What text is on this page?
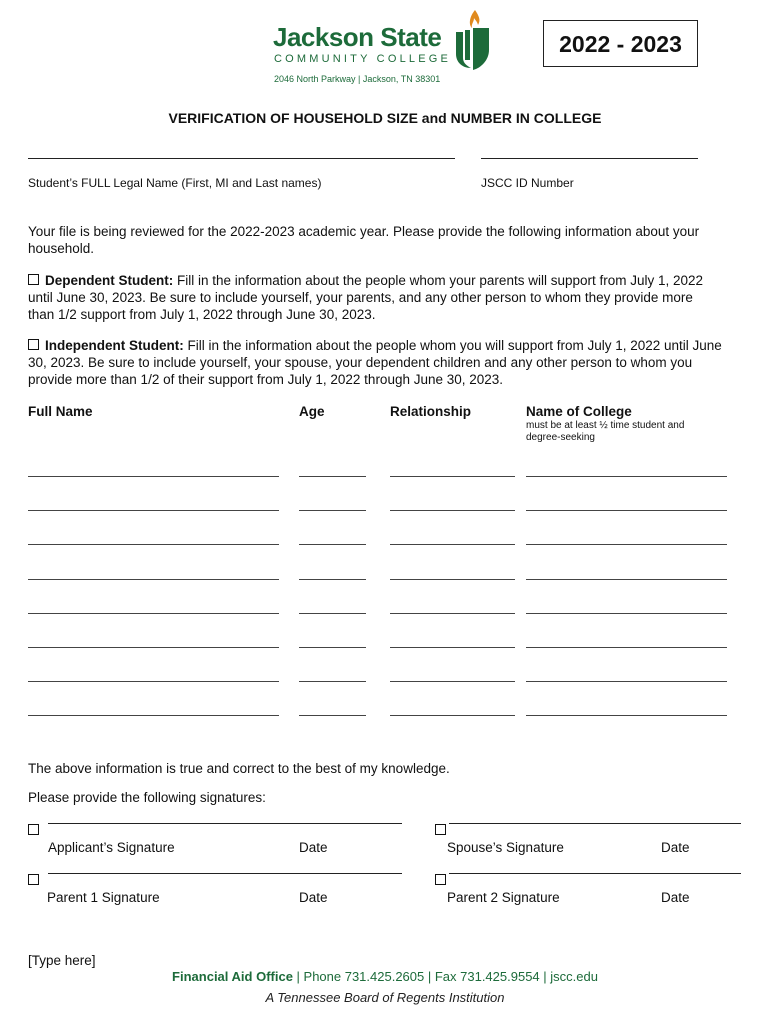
Jackson State
COMMUNITY COLLEGE
2046 North Parkway | Jackson, TN 38301
2022 - 2023
VERIFICATION OF HOUSEHOLD SIZE and NUMBER IN COLLEGE
Student’s FULL Legal Name (First, MI and Last names)	JSCC ID Number
Your file is being reviewed for the 2022-2023 academic year. Please provide the following information about your household.
Dependent Student: Fill in the information about the people whom your parents will support from July 1, 2022 until June 30, 2023. Be sure to include yourself, your parents, and any other person to whom they provide more than 1/2 support from July 1, 2022 through June 30, 2023.
Independent Student: Fill in the information about the people whom you will support from July 1, 2022 until June 30, 2023. Be sure to include yourself, your spouse, your dependent children and any other person to whom you provide more than 1/2 of their support from July 1, 2022 through June 30, 2023.
Full Name	Age	Relationship	Name of College
must be at least ½ time student and degree-seeking
The above information is true and correct to the best of my knowledge.
Please provide the following signatures:
Applicant’s Signature	Date	Spouse’s Signature	Date
Parent 1 Signature	Date	Parent 2 Signature	Date
[Type here]
Financial Aid Office | Phone 731.425.2605 | Fax 731.425.9554 | jscc.edu
A Tennessee Board of Regents Institution
